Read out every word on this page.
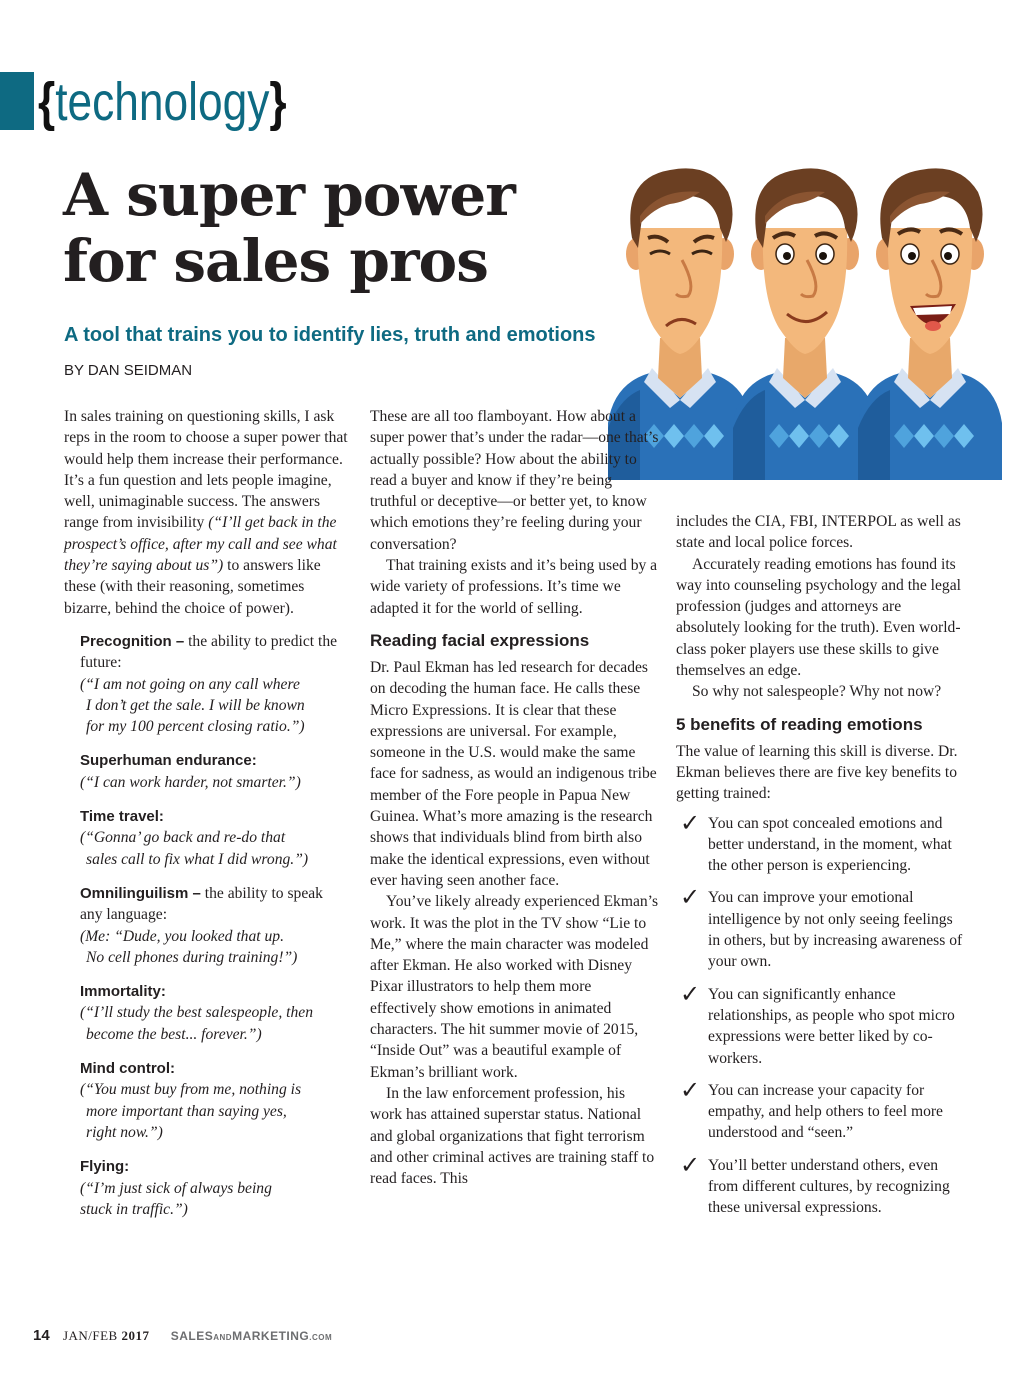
{technology}
A super power
for sales pros
A tool that trains you to identify lies, truth and emotions
BY DAN SEIDMAN

In sales training on questioning skills, I ask reps in the room to choose a super power that would help them increase their performance. It’s a fun question and lets people imagine, well, unimaginable success. The answers range from invisibility (“I’ll get back in the prospect’s office, after my call and see what they’re saying about us”) to answers like these (with their reasoning, sometimes bizarre, behind the choice of power).

Precognition – the ability to predict the future:
(“I am not going on any call where
I don’t get the sale. I will be known
for my 100 percent closing ratio.”)
Superhuman endurance:
(“I can work harder, not smarter.”)
Time travel:
(“Gonna’ go back and re-do that
sales call to fix what I did wrong.”)
Omnilinguilism – the ability to speak any language:
(Me: “Dude, you looked that up.
No cell phones during training!”)
Immortality:
(“I’ll study the best salespeople, then
become the best... forever.”)
Mind control:
(“You must buy from me, nothing is
more important than saying yes,
right now.”)
Flying:
(“I’m just sick of always being
stuck in traffic.”)

These are all too flamboyant. How about a super power that’s under the radar—one that’s actually possible? How about the ability to read a buyer and know if they’re being truthful or deceptive—or better yet, to know which emotions they’re feeling during your conversation?

That training exists and it’s being used by a wide variety of professions. It’s time we adapted it for the world of selling.

Reading facial expressions

Dr. Paul Ekman has led research for decades on decoding the human face. He calls these Micro Expressions. It is clear that these expressions are universal. For example, someone in the U.S. would make the same face for sadness, as would an indigenous tribe member of the Fore people in Papua New Guinea. What’s more amazing is the research shows that individuals blind from birth also make the identical expressions, even without ever having seen another face.

You’ve likely already experienced Ekman’s work. It was the plot in the TV show “Lie to Me,” where the main character was modeled after Ekman. He also worked with Disney Pixar illustrators to help them more effectively show emotions in animated characters. The hit summer movie of 2015, “Inside Out” was a beautiful example of Ekman’s brilliant work.

In the law enforcement profession, his work has attained superstar status. National and global organizations that fight terrorism and other criminal actives are training staff to read faces. This

includes the CIA, FBI, INTERPOL as well as state and local police forces.

Accurately reading emotions has found its way into counseling psychology and the legal profession (judges and attorneys are absolutely looking for the truth). Even world-class poker players use these skills to give themselves an edge.

So why not salespeople? Why not now?

5 benefits of reading emotions

The value of learning this skill is diverse. Dr. Ekman believes there are five key benefits to getting trained:

✓ You can spot concealed emotions and better understand, in the moment, what the other person is experiencing.
✓ You can improve your emotional intelligence by not only seeing feelings in others, but by increasing awareness of your own.
✓ You can significantly enhance relationships, as people who spot micro expressions were better liked by co-workers.
✓ You can increase your capacity for empathy, and help others to feel more understood and “seen.”
✓ You’ll better understand others, even from different cultures, by recognizing these universal expressions.
14 JAN/FEB 2017 SALESANDMARKETING.COM
